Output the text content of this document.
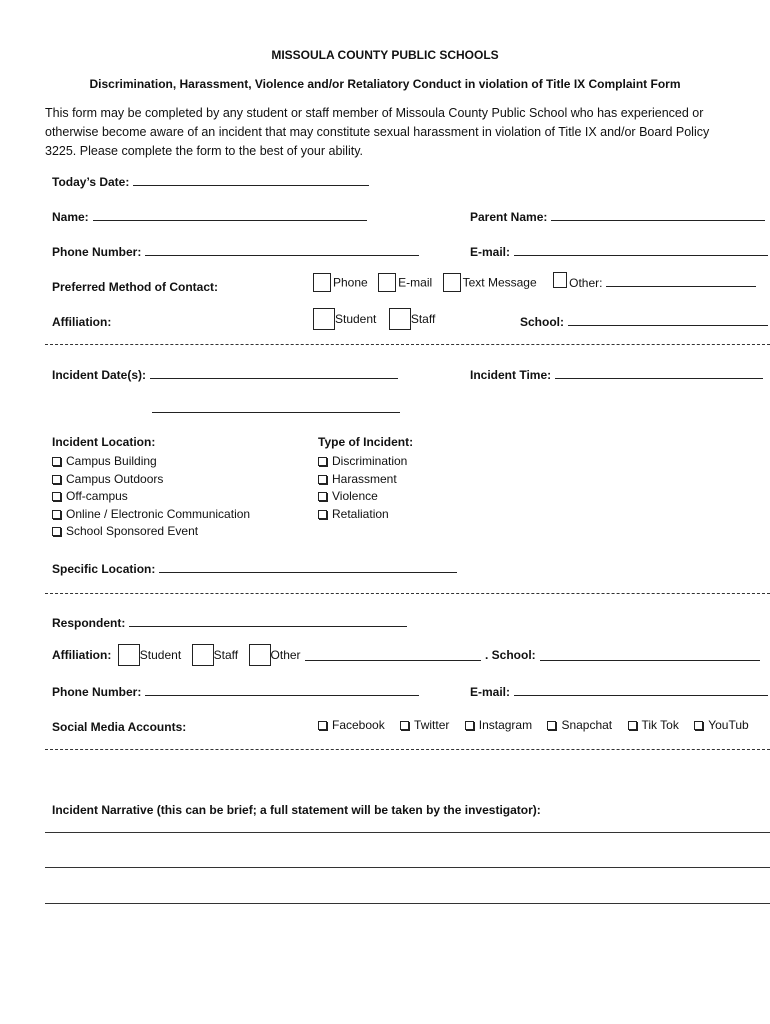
MISSOULA COUNTY PUBLIC SCHOOLS
Discrimination, Harassment, Violence and/or Retaliatory Conduct in violation of Title IX Complaint Form
This form may be completed by any student or staff member of Missoula County Public School who has experienced or otherwise become aware of an incident that may constitute sexual harassment in violation of Title IX and/or Board Policy 3225. Please complete the form to the best of your ability.
Today’s Date:
Name:	Parent Name:
Phone Number:	E-mail:
Preferred Method of Contact:	Phone	E-mail	Text Message	Other:
Affiliation:	Student	Staff	School:
Incident Date(s):	Incident Time:
Incident Location:
Campus Building
Campus Outdoors
Off-campus
Online / Electronic Communication
School Sponsored Event
Type of Incident:
Discrimination
Harassment
Violence
Retaliation
Specific Location:
Respondent:
Affiliation: Student	Staff	Other	. School:
Phone Number:	E-mail:
Social Media Accounts:	Facebook Twitter Instagram Snapchat Tik Tok YouTub
Incident Narrative (this can be brief; a full statement will be taken by the investigator):
